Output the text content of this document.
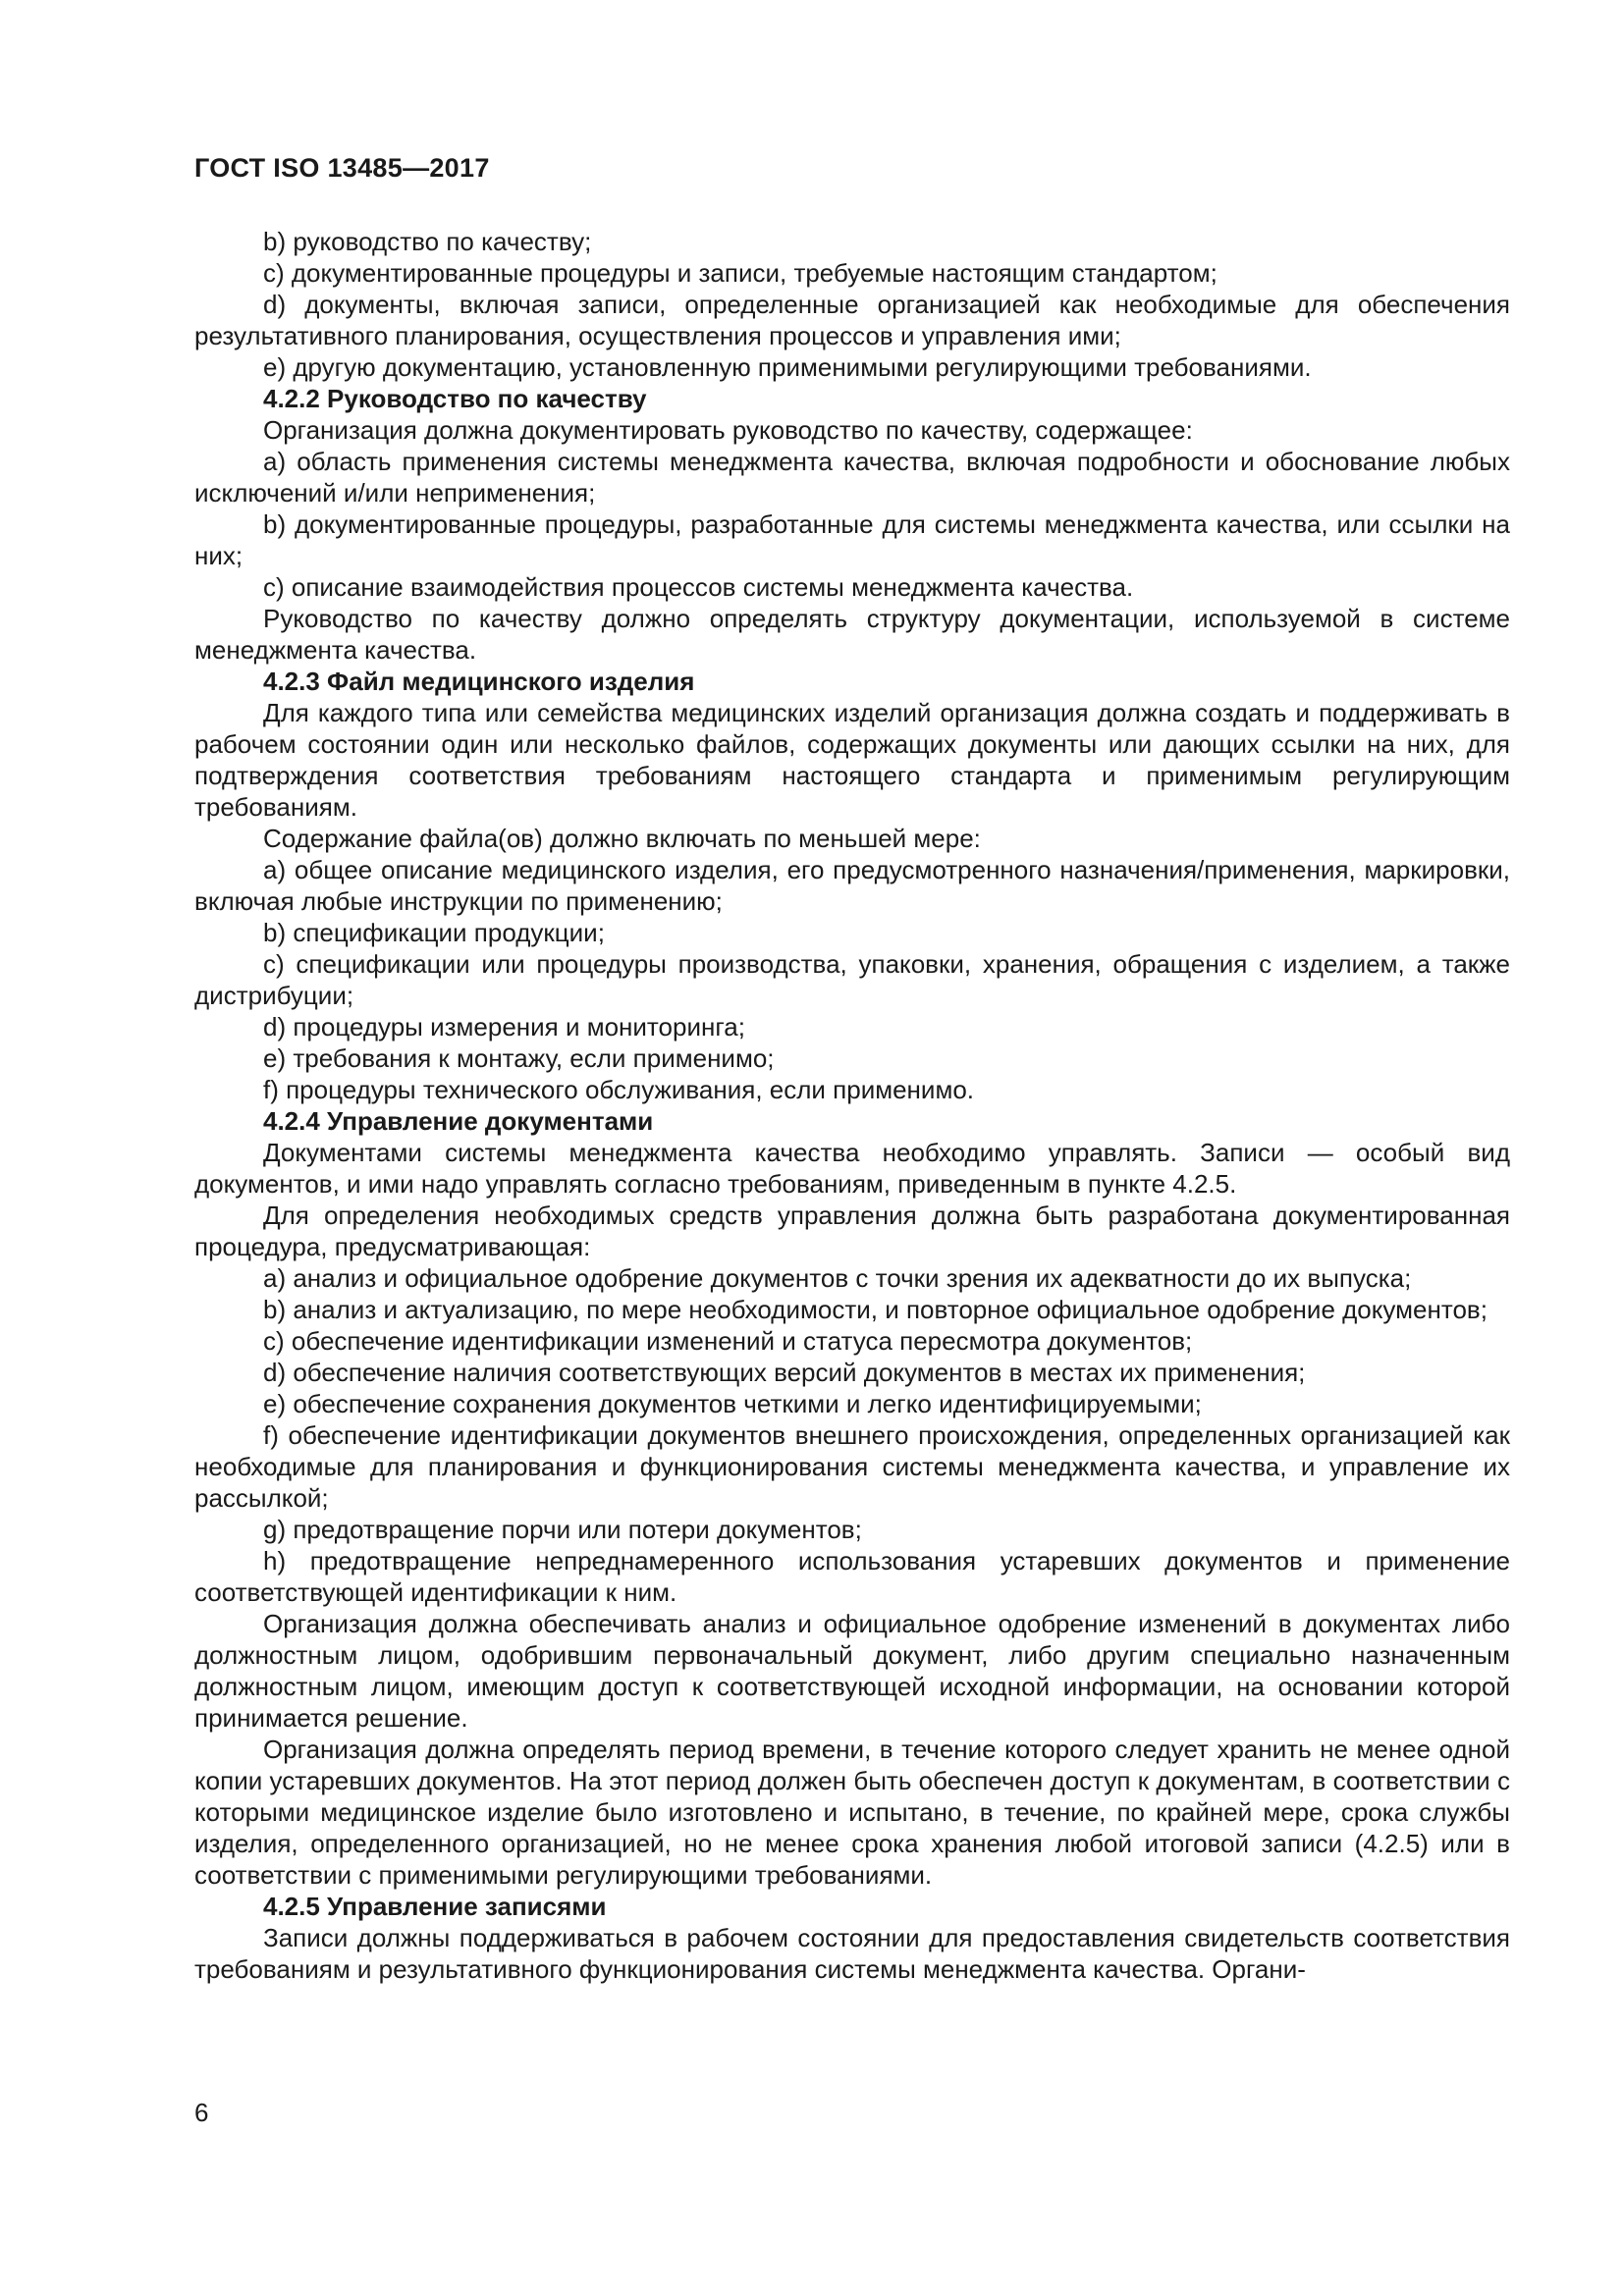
ГОСТ ISO 13485—2017

b) руководство по качеству;

c) документированные процедуры и записи, требуемые настоящим стандартом;

d) документы, включая записи, определенные организацией как необходимые для обеспечения результативного планирования, осуществления процессов и управления ими;

e) другую документацию, установленную применимыми регулирующими требованиями.

4.2.2 Руководство по качеству

Организация должна документировать руководство по качеству, содержащее:

a) область применения системы менеджмента качества, включая подробности и обоснование любых исключений и/или неприменения;

b) документированные процедуры, разработанные для системы менеджмента качества, или ссылки на них;

c) описание взаимодействия процессов системы менеджмента качества.

Руководство по качеству должно определять структуру документации, используемой в системе менеджмента качества.

4.2.3 Файл медицинского изделия

Для каждого типа или семейства медицинских изделий организация должна создать и поддерживать в рабочем состоянии один или несколько файлов, содержащих документы или дающих ссылки на них, для подтверждения соответствия требованиям настоящего стандарта и применимым регулирующим требованиям.

Содержание файла(ов) должно включать по меньшей мере:

a) общее описание медицинского изделия, его предусмотренного назначения/применения, маркировки, включая любые инструкции по применению;

b) спецификации продукции;

c) спецификации или процедуры производства, упаковки, хранения, обращения с изделием, а также дистрибуции;

d) процедуры измерения и мониторинга;

e) требования к монтажу, если применимо;

f) процедуры технического обслуживания, если применимо.

4.2.4 Управление документами

Документами системы менеджмента качества необходимо управлять. Записи — особый вид документов, и ими надо управлять согласно требованиям, приведенным в пункте 4.2.5.

Для определения необходимых средств управления должна быть разработана документированная процедура, предусматривающая:

a) анализ и официальное одобрение документов с точки зрения их адекватности до их выпуска;

b) анализ и актуализацию, по мере необходимости, и повторное официальное одобрение документов;

c) обеспечение идентификации изменений и статуса пересмотра документов;

d) обеспечение наличия соответствующих версий документов в местах их применения;

e) обеспечение сохранения документов четкими и легко идентифицируемыми;

f) обеспечение идентификации документов внешнего происхождения, определенных организацией как необходимые для планирования и функционирования системы менеджмента качества, и управление их рассылкой;

g) предотвращение порчи или потери документов;

h) предотвращение непреднамеренного использования устаревших документов и применение соответствующей идентификации к ним.

Организация должна обеспечивать анализ и официальное одобрение изменений в документах либо должностным лицом, одобрившим первоначальный документ, либо другим специально назначенным должностным лицом, имеющим доступ к соответствующей исходной информации, на основании которой принимается решение.

Организация должна определять период времени, в течение которого следует хранить не менее одной копии устаревших документов. На этот период должен быть обеспечен доступ к документам, в соответствии с которыми медицинское изделие было изготовлено и испытано, в течение, по крайней мере, срока службы изделия, определенного организацией, но не менее срока хранения любой итоговой записи (4.2.5) или в соответствии с применимыми регулирующими требованиями.

4.2.5 Управление записями

Записи должны поддерживаться в рабочем состоянии для предоставления свидетельств соответствия требованиям и результативного функционирования системы менеджмента качества. Органи-

6
